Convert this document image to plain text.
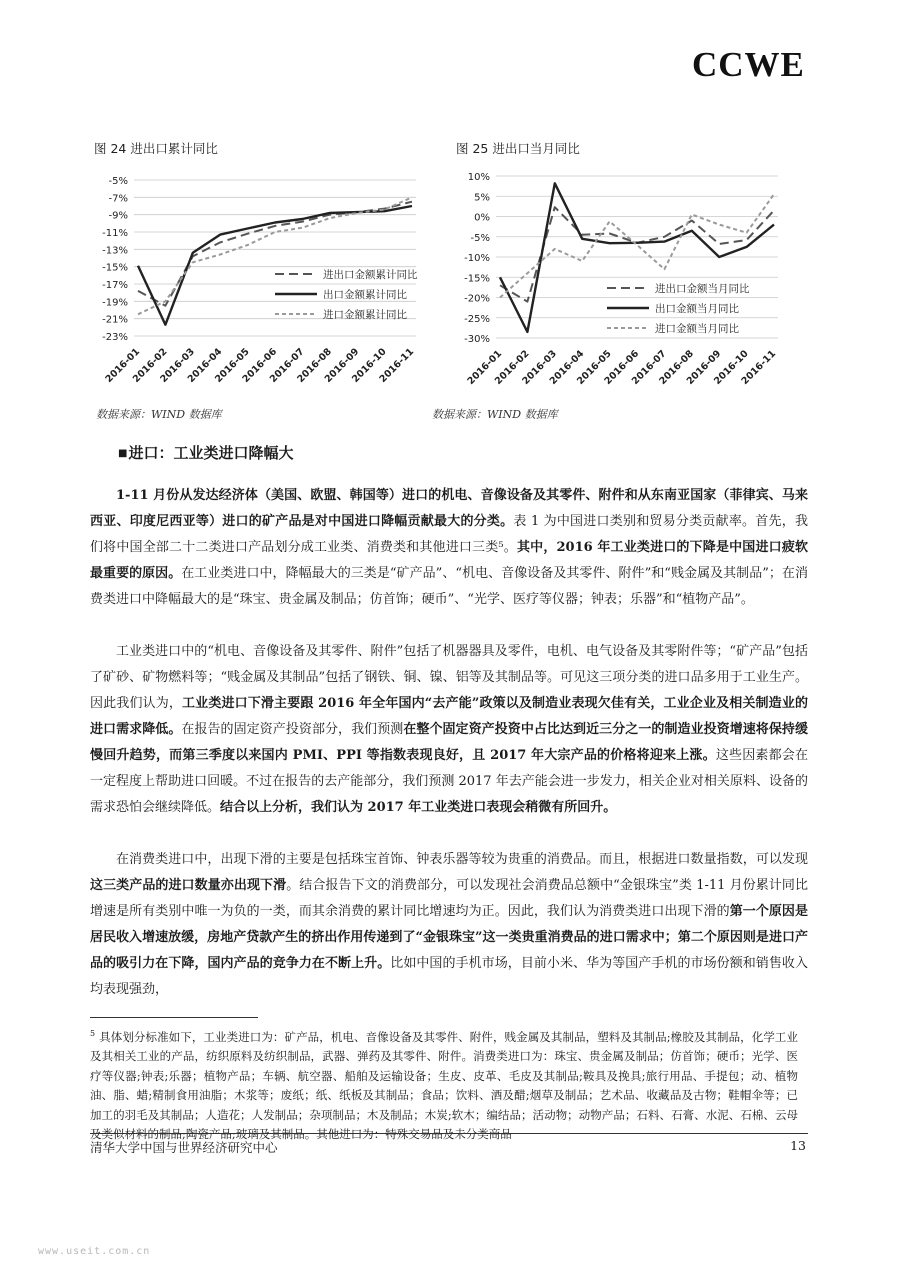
CCWE
图 24 进出口累计同比	图 25 进出口当月同比
-5%
-7%
-9%
-11%
-13%
-15%
-17%
-19%
-21%
-23%
2016-01
2016-02
2016-03
2016-04
2016-05
2016-06
2016-07
2016-08
2016-09
2016-10
2016-11
进出口金额累计同比
出口金额累计同比
进口金额累计同比
10%
5%
0%
-5%
-10%
-15%
-20%
-25%
-30%
2016-01
2016-02
2016-03
2016-04
2016-05
2016-06
2016-07
2016-08
2016-09
2016-10
2016-11
进出口金额当月同比
出口金额当月同比
进口金额当月同比
数据来源：WIND 数据库	数据来源：WIND 数据库
■进口：工业类进口降幅大

1-11 月份从发达经济体（美国、欧盟、韩国等）进口的机电、音像设备及其零件、附件和从东南亚国家（菲律宾、马来西亚、印度尼西亚等）进口的矿产品是对中国进口降幅贡献最大的分类。表 1 为中国进口类别和贸易分类贡献率。首先，我们将中国全部二十二类进口产品划分成工业类、消费类和其他进口三类⁵。其中，2016 年工业类进口的下降是中国进口疲软最重要的原因。在工业类进口中，降幅最大的三类是“矿产品”、“机电、音像设备及其零件、附件”和“贱金属及其制品”；在消费类进口中降幅最大的是“珠宝、贵金属及制品；仿首饰；硬币”、“光学、医疗等仪器；钟表；乐器”和“植物产品”。

工业类进口中的“机电、音像设备及其零件、附件”包括了机器器具及零件，电机、电气设备及其零附件等；“矿产品”包括了矿砂、矿物燃料等；“贱金属及其制品”包括了钢铁、铜、镍、铝等及其制品等。可见这三项分类的进口品多用于工业生产。因此我们认为，工业类进口下滑主要跟 2016 年全年国内“去产能”政策以及制造业表现欠佳有关，工业企业及相关制造业的进口需求降低。在报告的固定资产投资部分，我们预测在整个固定资产投资中占比达到近三分之一的制造业投资增速将保持缓慢回升趋势，而第三季度以来国内 PMI、PPI 等指数表现良好，且 2017 年大宗产品的价格将迎来上涨。这些因素都会在一定程度上帮助进口回暖。不过在报告的去产能部分，我们预测 2017 年去产能会进一步发力，相关企业对相关原料、设备的需求恐怕会继续降低。结合以上分析，我们认为 2017 年工业类进口表现会稍微有所回升。

在消费类进口中，出现下滑的主要是包括珠宝首饰、钟表乐器等较为贵重的消费品。而且，根据进口数量指数，可以发现这三类产品的进口数量亦出现下滑。结合报告下文的消费部分，可以发现社会消费品总额中“金银珠宝”类 1-11 月份累计同比增速是所有类别中唯一为负的一类，而其余消费的累计同比增速均为正。因此，我们认为消费类进口出现下滑的第一个原因是居民收入增速放缓，房地产贷款产生的挤出作用传递到了“金银珠宝”这一类贵重消费品的进口需求中；第二个原因则是进口产品的吸引力在下降，国内产品的竞争力在不断上升。比如中国的手机市场，目前小米、华为等国产手机的市场份额和销售收入均表现强劲，

$^5$ 具体划分标准如下，工业类进口为：矿产品，机电、音像设备及其零件、附件，贱金属及其制品，塑料及其制品;橡胶及其制品，化学工业及其相关工业的产品，纺织原料及纺织制品，武器、弹药及其零件、附件。消费类进口为：珠宝、贵金属及制品；仿首饰；硬币；光学、医疗等仪器;钟表;乐器；植物产品；车辆、航空器、船舶及运输设备；生皮、皮革、毛皮及其制品;鞍具及挽具;旅行用品、手提包；动、植物油、脂、蜡;精制食用油脂；木浆等；废纸；纸、纸板及其制品；食品；饮料、酒及醋;烟草及制品；艺术品、收藏品及古物；鞋帽伞等；已加工的羽毛及其制品；人造花；人发制品；杂项制品；木及制品；木炭;软木；编结品；活动物；动物产品；石料、石膏、水泥、石棉、云母及类似材料的制品;陶瓷产品;玻璃及其制品。其他进口为：特殊交易品及未分类商品

清华大学中国与世界经济研究中心	13
www.useit.com.cn
